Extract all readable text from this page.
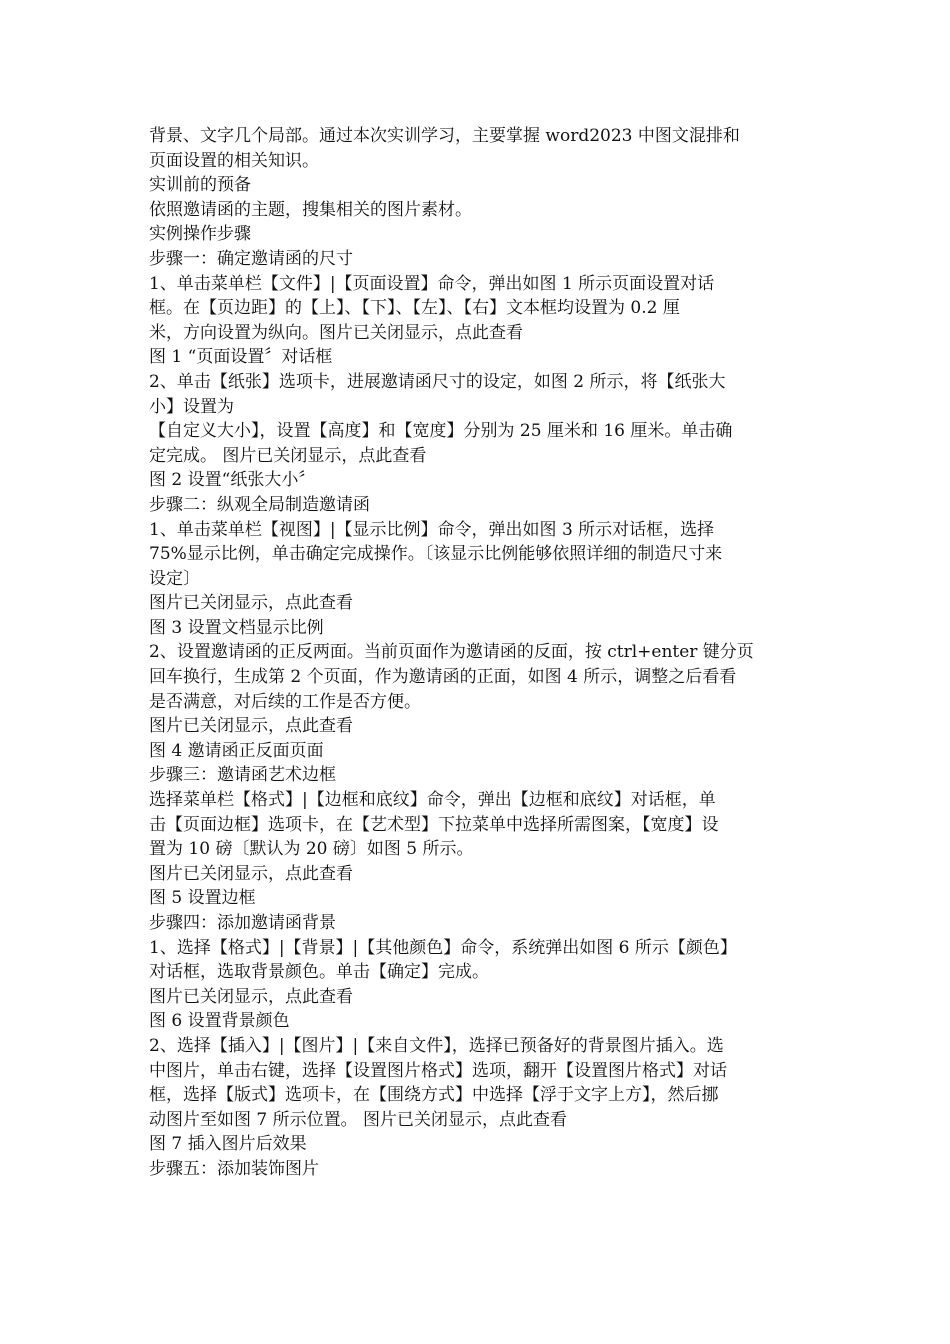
背景、文字几个局部。通过本次实训学习，主要掌握 word2023 中图文混排和
页面设置的相关知识。
实训前的预备
依照邀请函的主题，搜集相关的图片素材。
实例操作步骤
步骤一：确定邀请函的尺寸
1、单击菜单栏【文件】|【页面设置】命令，弹出如图 1 所示页面设置对话
框。在【页边距】的【上】、【下】、【左】、【右】文本框均设置为 0.2 厘
米，方向设置为纵向。图片已关闭显示，点此查看
图 1 “页面设置〞对话框
2、单击【纸张】选项卡，进展邀请函尺寸的设定，如图 2 所示，将【纸张大
小】设置为
【自定义大小】，设置【高度】和【宽度】分别为 25 厘米和 16 厘米。单击确
定完成。 图片已关闭显示，点此查看
图 2 设置“纸张大小〞
步骤二：纵观全局制造邀请函
1、单击菜单栏【视图】|【显示比例】命令，弹出如图 3 所示对话框，选择
75%显示比例，单击确定完成操作。〔该显示比例能够依照详细的制造尺寸来
设定〕
图片已关闭显示，点此查看
图 3 设置文档显示比例
2、设置邀请函的正反两面。当前页面作为邀请函的反面，按 ctrl+enter 键分页
回车换行，生成第 2 个页面，作为邀请函的正面，如图 4 所示，调整之后看看
是否满意，对后续的工作是否方便。
图片已关闭显示，点此查看
图 4 邀请函正反面页面
步骤三：邀请函艺术边框
选择菜单栏【格式】|【边框和底纹】命令，弹出【边框和底纹】对话框，单
击【页面边框】选项卡，在【艺术型】下拉菜单中选择所需图案，【宽度】设
置为 10 磅〔默认为 20 磅〕如图 5 所示。
图片已关闭显示，点此查看
图 5 设置边框
步骤四：添加邀请函背景
1、选择【格式】|【背景】|【其他颜色】命令，系统弹出如图 6 所示【颜色】
对话框，选取背景颜色。单击【确定】完成。
图片已关闭显示，点此查看
图 6 设置背景颜色
2、选择【插入】|【图片】|【来自文件】，选择已预备好的背景图片插入。选
中图片，单击右键，选择【设置图片格式】选项，翻开【设置图片格式】对话
框，选择【版式】选项卡，在【围绕方式】中选择【浮于文字上方】，然后挪
动图片至如图 7 所示位置。 图片已关闭显示，点此查看
图 7 插入图片后效果
步骤五：添加装饰图片
